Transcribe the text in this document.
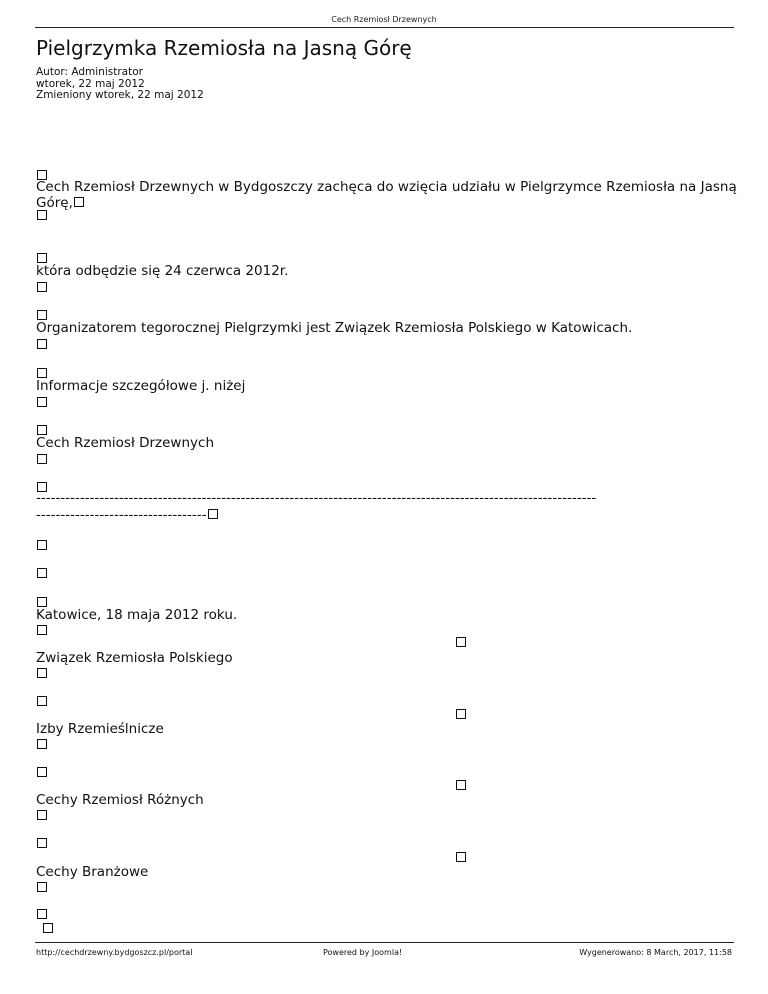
Cech Rzemiosł Drzewnych
Pielgrzymka Rzemiosła na Jasną Górę
Autor: Administrator
wtorek, 22 maj 2012
Zmieniony wtorek, 22 maj 2012
Cech Rzemiosł Drzewnych w Bydgoszczy zachęca do wzięcia udziału w Pielgrzymce Rzemiosła na Jasną
Górę,
która odbędzie się 24 czerwca 2012r.
Organizatorem tegorocznej Pielgrzymki jest Związek Rzemiosła Polskiego w Katowicach.
Informacje szczegółowe j. niżej
Cech Rzemiosł Drzewnych
-------------------------------------------------------------------------------------------------------------------
-----------------------------------
Katowice, 18 maja 2012 roku.
Związek Rzemiosła Polskiego
Izby Rzemieślnicze
Cechy Rzemiosł Różnych
Cechy Branżowe
http://cechdrzewny.bydgoszcz.pl/portal	Powered by Joomla!	Wygenerowano: 8 March, 2017, 11:58
